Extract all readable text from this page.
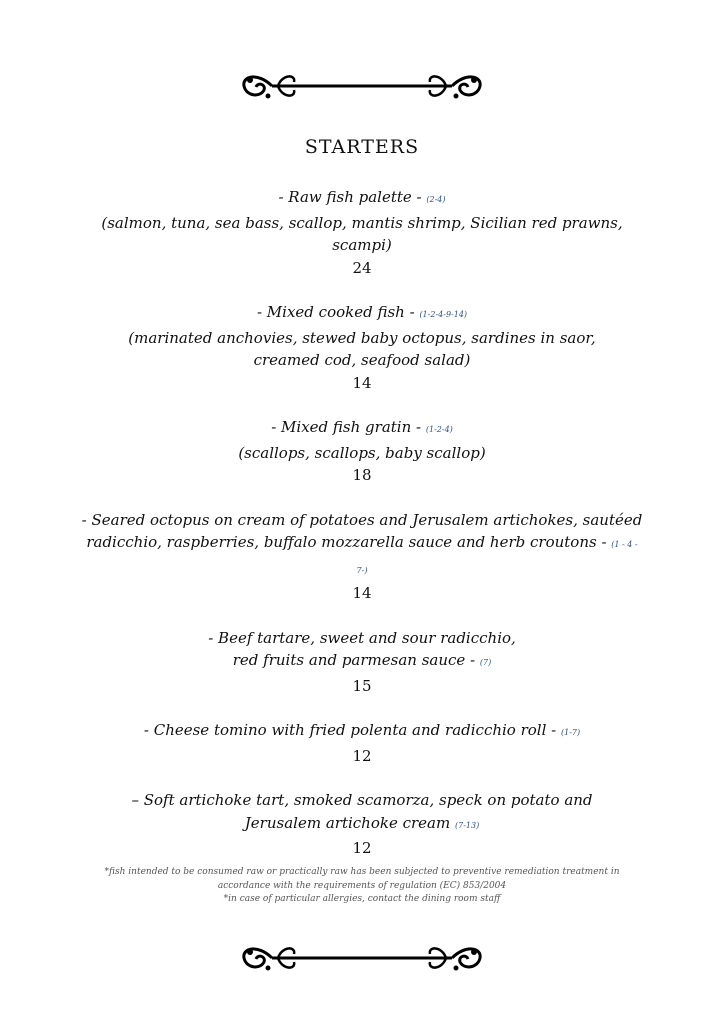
STARTERS
- Raw fish palette - (2-4)
(salmon, tuna, sea bass, scallop, mantis shrimp, Sicilian red prawns, scampi)
24
- Mixed cooked fish - (1-2-4-9-14)
(marinated anchovies, stewed baby octopus, sardines in saor, creamed cod, seafood salad)
14
- Mixed fish gratin - (1-2-4)
(scallops, scallops, baby scallop)
18
- Seared octopus on cream of potatoes and Jerusalem artichokes, sautéed radicchio, raspberries, buffalo mozzarella sauce and herb croutons - (1 - 4 - 7-)
14
- Beef tartare, sweet and sour radicchio,
red fruits and parmesan sauce - (7)
15
- Cheese tomino with fried polenta and radicchio roll - (1-7)
12
– Soft artichoke tart, smoked scamorza, speck on potato and Jerusalem artichoke cream (7-13)
12
*fish intended to be consumed raw or practically raw has been subjected to preventive remediation treatment in accordance with the requirements of regulation (EC) 853/2004
*in case of particular allergies, contact the dining room staff
